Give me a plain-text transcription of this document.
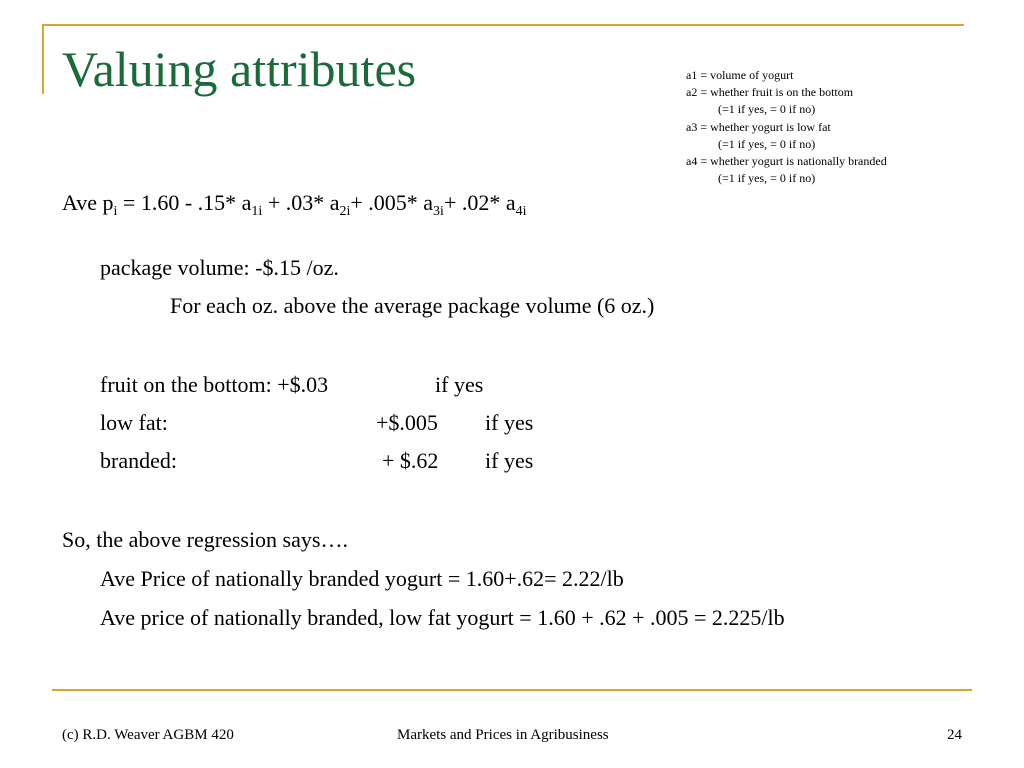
Valuing attributes	a1 = volume of yogurt
a2 = whether fruit is on the bottom
(=1 if yes, = 0 if no)
a3 = whether yogurt is low fat
(=1 if yes, = 0 if no)
a4 = whether yogurt is nationally branded
(=1 if yes, = 0 if no)
Ave $p_i = 1.60 - .15*$ $a_{1i} + .03*$ $a_{2i}+ .005*$ $a_{3i}+ .02*$ $a_{4i}$
package volume: -$.15 /oz.
For each oz. above the average package volume (6 oz.)
fruit on the bottom: +$.03	if yes
low fat:	+$.005 if yes
branded:	+ $.62 if yes
So, the above regression says….
Ave Price of nationally branded yogurt = 1.60+.62= 2.22/lb
Ave price of nationally branded, low fat yogurt = 1.60 + .62 + .005 = 2.225/lb
(c) R.D. Weaver AGBM 420	Markets and Prices in Agribusiness	24
